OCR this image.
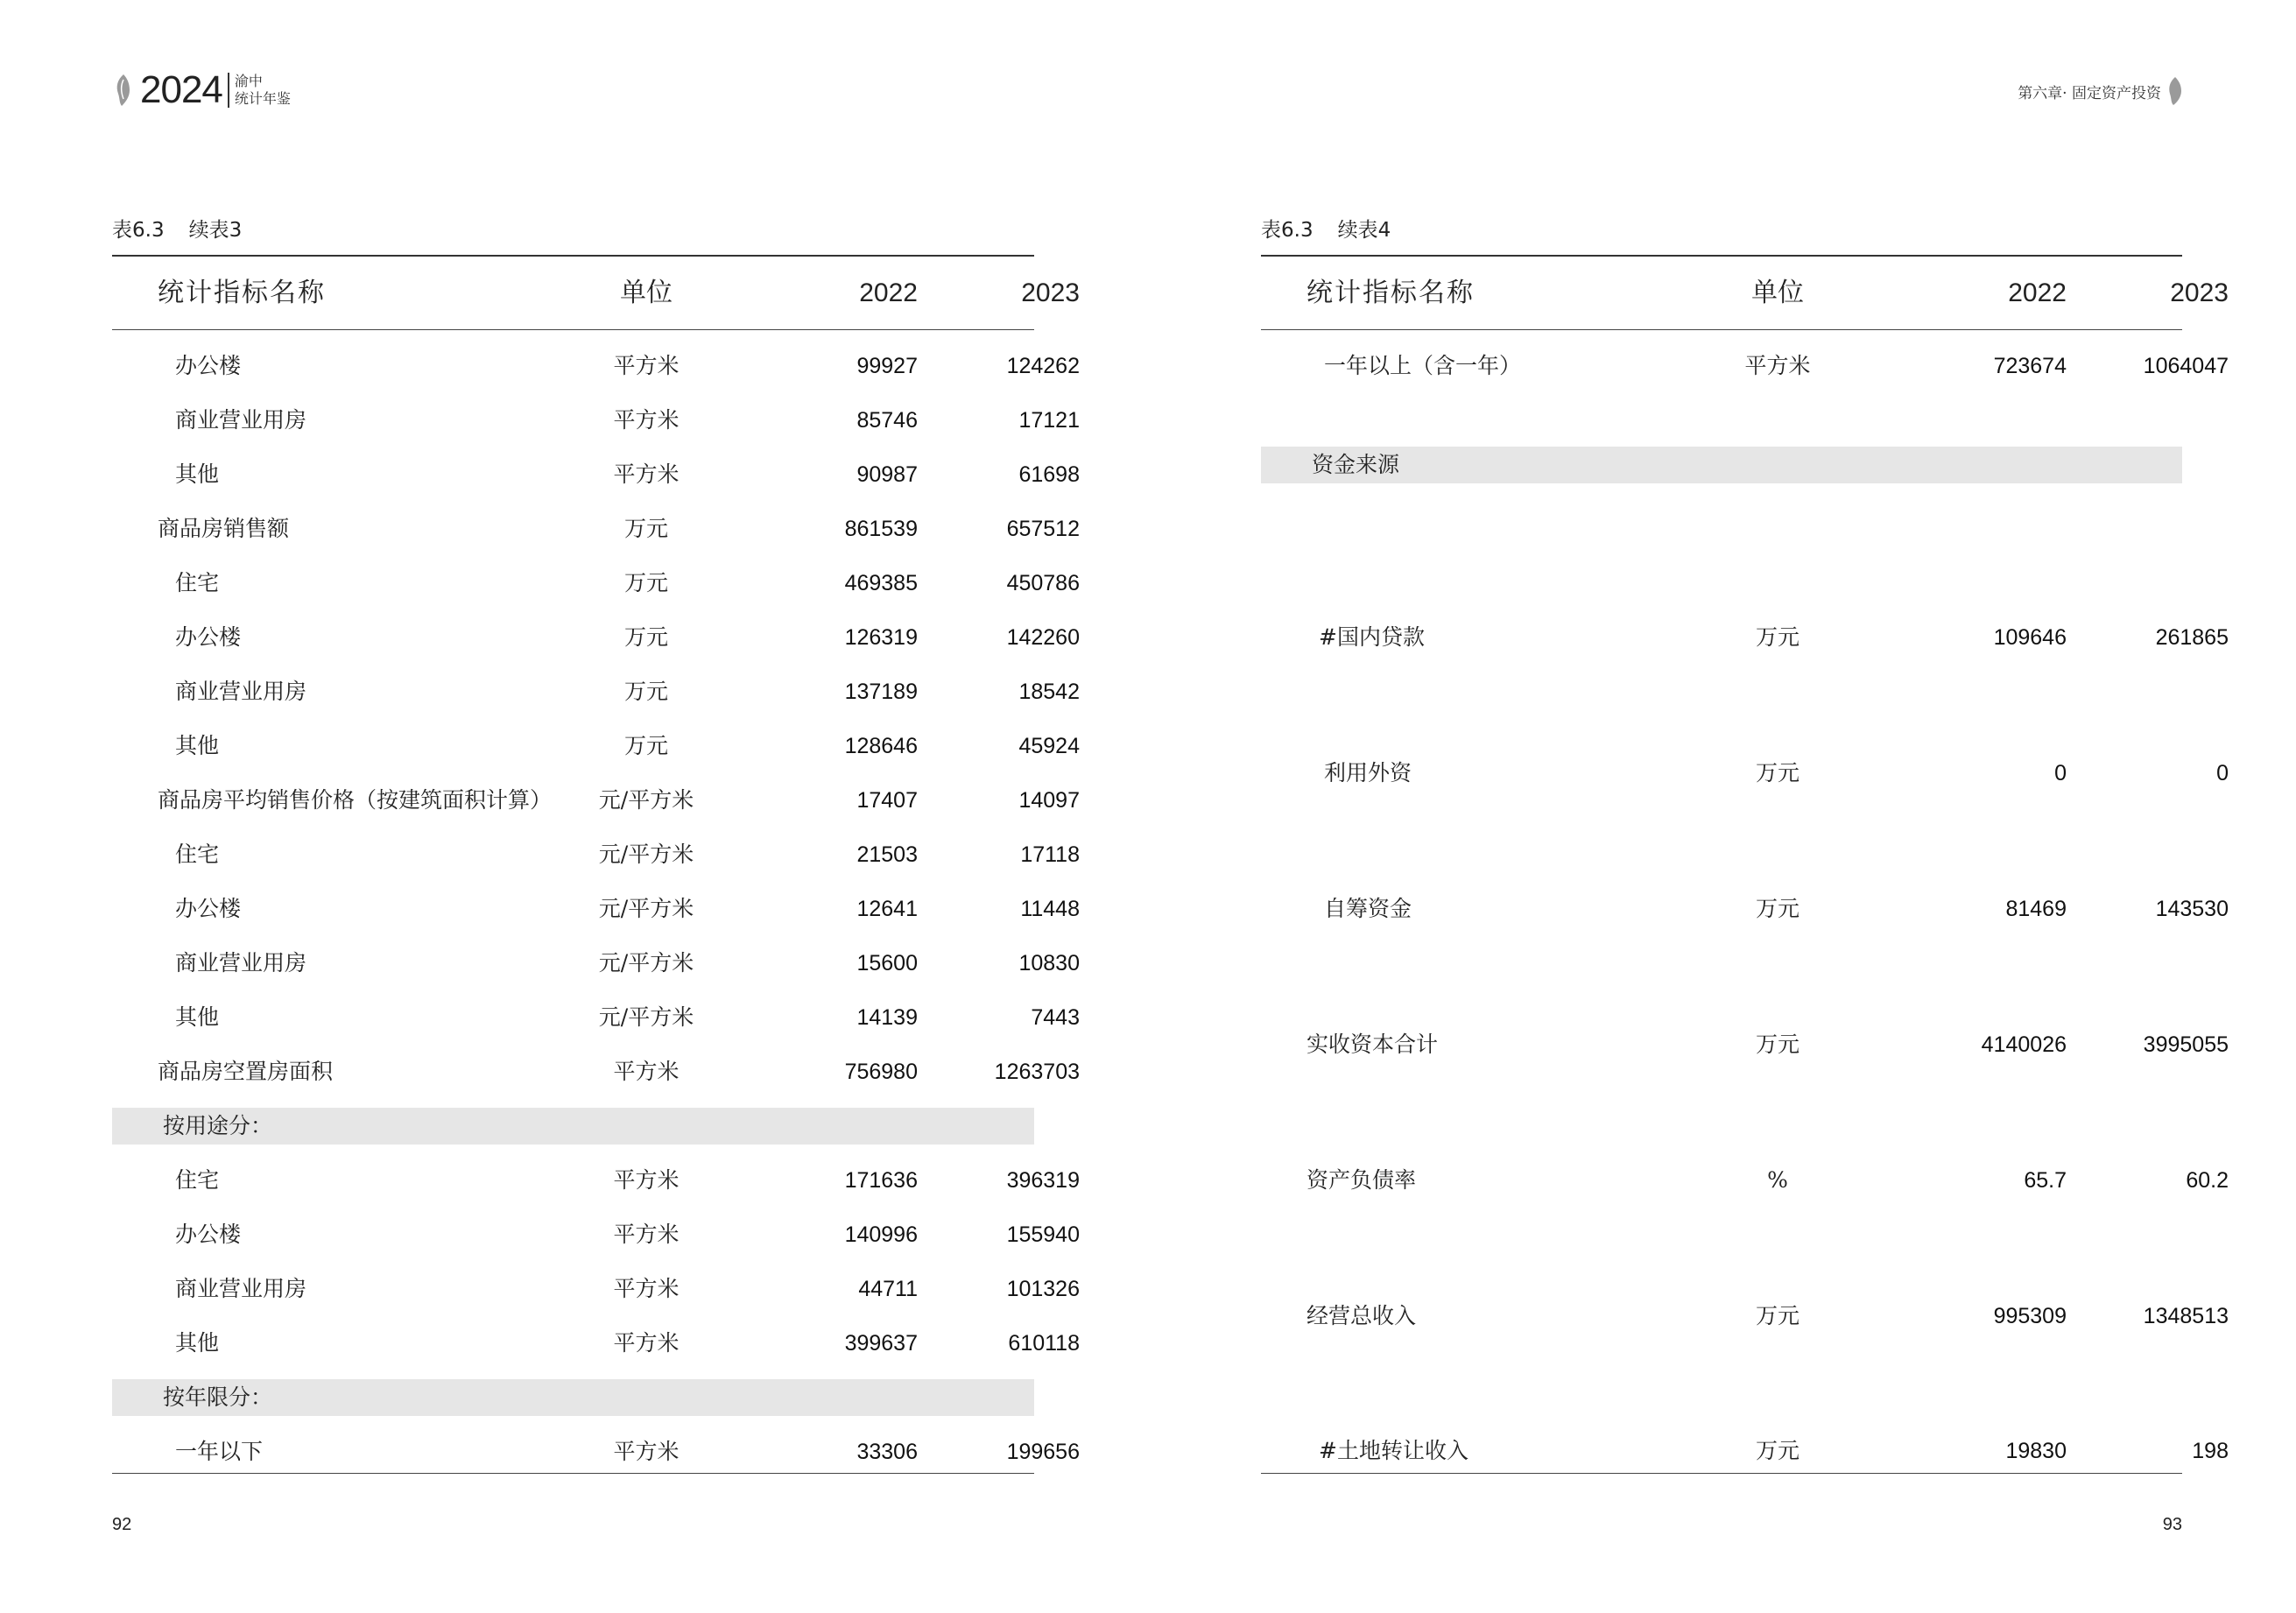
2024 渝中
统计年鉴	第六章· 固定资产投资
表6.3 续表3
统计指标名称	单位	2022	2023
办公楼	平方米	99927	124262
商业营业用房	平方米	85746	17121
其他	平方米	90987	61698
商品房销售额	万元	861539	657512
住宅	万元	469385	450786
办公楼	万元	126319	142260
商业营业用房	万元	137189	18542
其他	万元	128646	45924
商品房平均销售价格（按建筑面积计算）	元/平方米	17407	14097
住宅	元/平方米	21503	17118
办公楼	元/平方米	12641	11448
商业营业用房	元/平方米	15600	10830
其他	元/平方米	14139	7443
商品房空置房面积	平方米	756980	1263703
按用途分：
住宅	平方米	171636	396319
办公楼	平方米	140996	155940
商业营业用房	平方米	44711	101326
其他	平方米	399637	610118
按年限分：
一年以下	平方米	33306	199656
92
表6.3 续表4
统计指标名称	单位	2022	2023
一年以上（含一年）	平方米	723674	1064047
资金来源
#国内贷款	万元	109646	261865
利用外资	万元	0	0
自筹资金	万元	81469	143530
实收资本合计	万元	4140026	3995055
资产负债率	%	65.7	60.2
经营总收入	万元	995309	1348513
#土地转让收入	万元	19830	198
93
